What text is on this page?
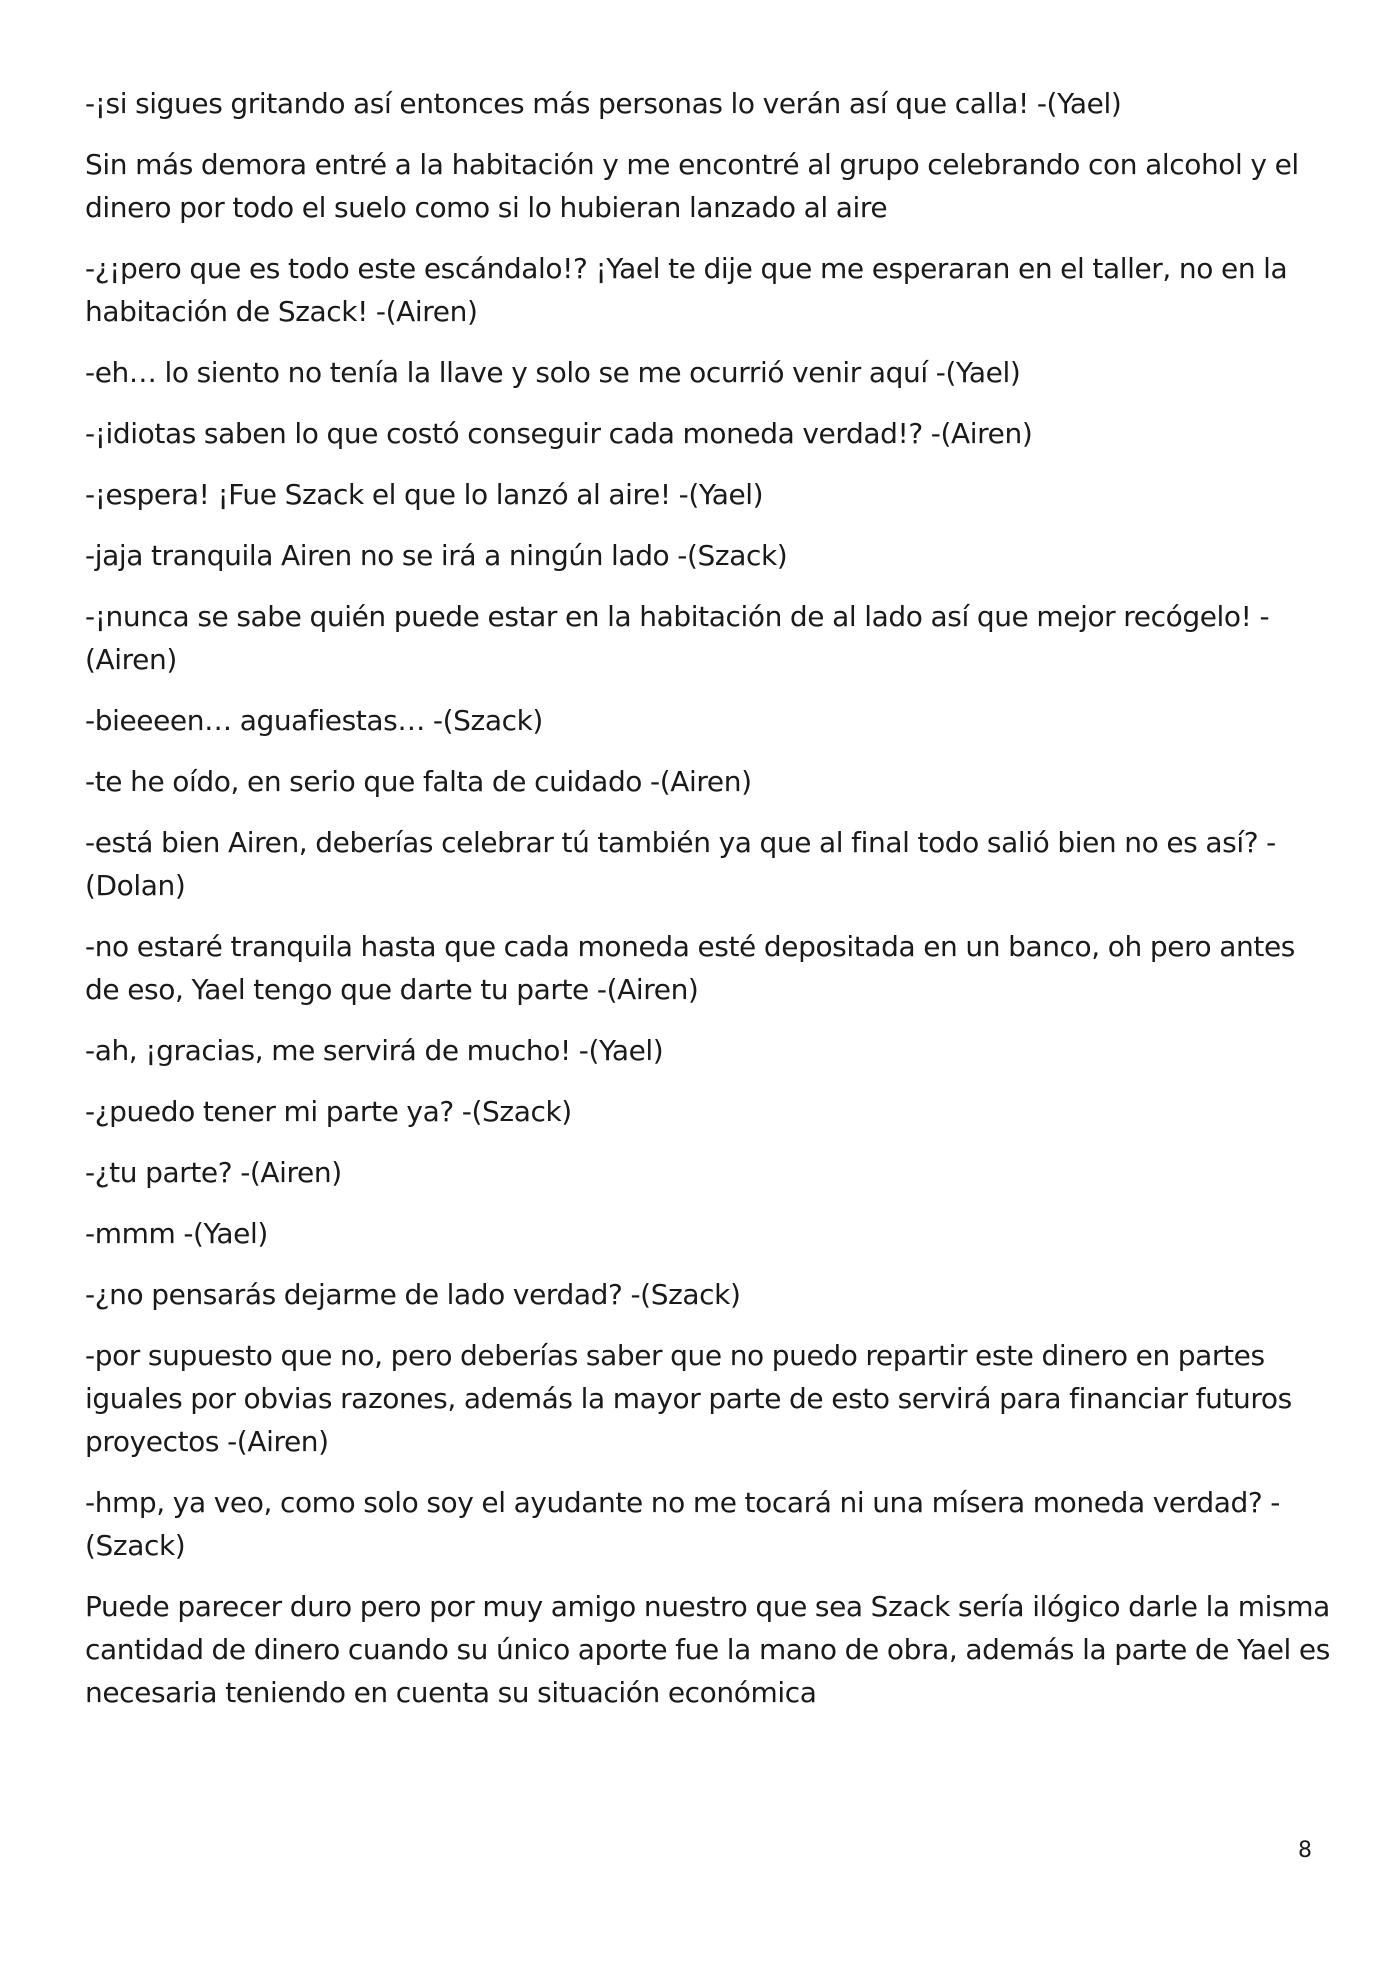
-¡si sigues gritando así entonces más personas lo verán así que calla! -(Yael)

Sin más demora entré a la habitación y me encontré al grupo celebrando con alcohol y el dinero por todo el suelo como si lo hubieran lanzado al aire

-¿¡pero que es todo este escándalo!? ¡Yael te dije que me esperaran en el taller, no en la habitación de Szack! -(Airen)

-eh… lo siento no tenía la llave y solo se me ocurrió venir aquí -(Yael)

-¡idiotas saben lo que costó conseguir cada moneda verdad!? -(Airen)

-¡espera! ¡Fue Szack el que lo lanzó al aire! -(Yael)

-jaja tranquila Airen no se irá a ningún lado -(Szack)

-¡nunca se sabe quién puede estar en la habitación de al lado así que mejor recógelo! -(Airen)

-bieeeen… aguafiestas… -(Szack)

-te he oído, en serio que falta de cuidado -(Airen)

-está bien Airen, deberías celebrar tú también ya que al final todo salió bien no es así? -(Dolan)

-no estaré tranquila hasta que cada moneda esté depositada en un banco, oh pero antes de eso, Yael tengo que darte tu parte -(Airen)

-ah, ¡gracias, me servirá de mucho! -(Yael)

-¿puedo tener mi parte ya? -(Szack)

-¿tu parte? -(Airen)

-mmm -(Yael)

-¿no pensarás dejarme de lado verdad? -(Szack)

-por supuesto que no, pero deberías saber que no puedo repartir este dinero en partes iguales por obvias razones, además la mayor parte de esto servirá para financiar futuros proyectos -(Airen)

-hmp, ya veo, como solo soy el ayudante no me tocará ni una mísera moneda verdad? -(Szack)

Puede parecer duro pero por muy amigo nuestro que sea Szack sería ilógico darle la misma cantidad de dinero cuando su único aporte fue la mano de obra, además la parte de Yael es necesaria teniendo en cuenta su situación económica

8
